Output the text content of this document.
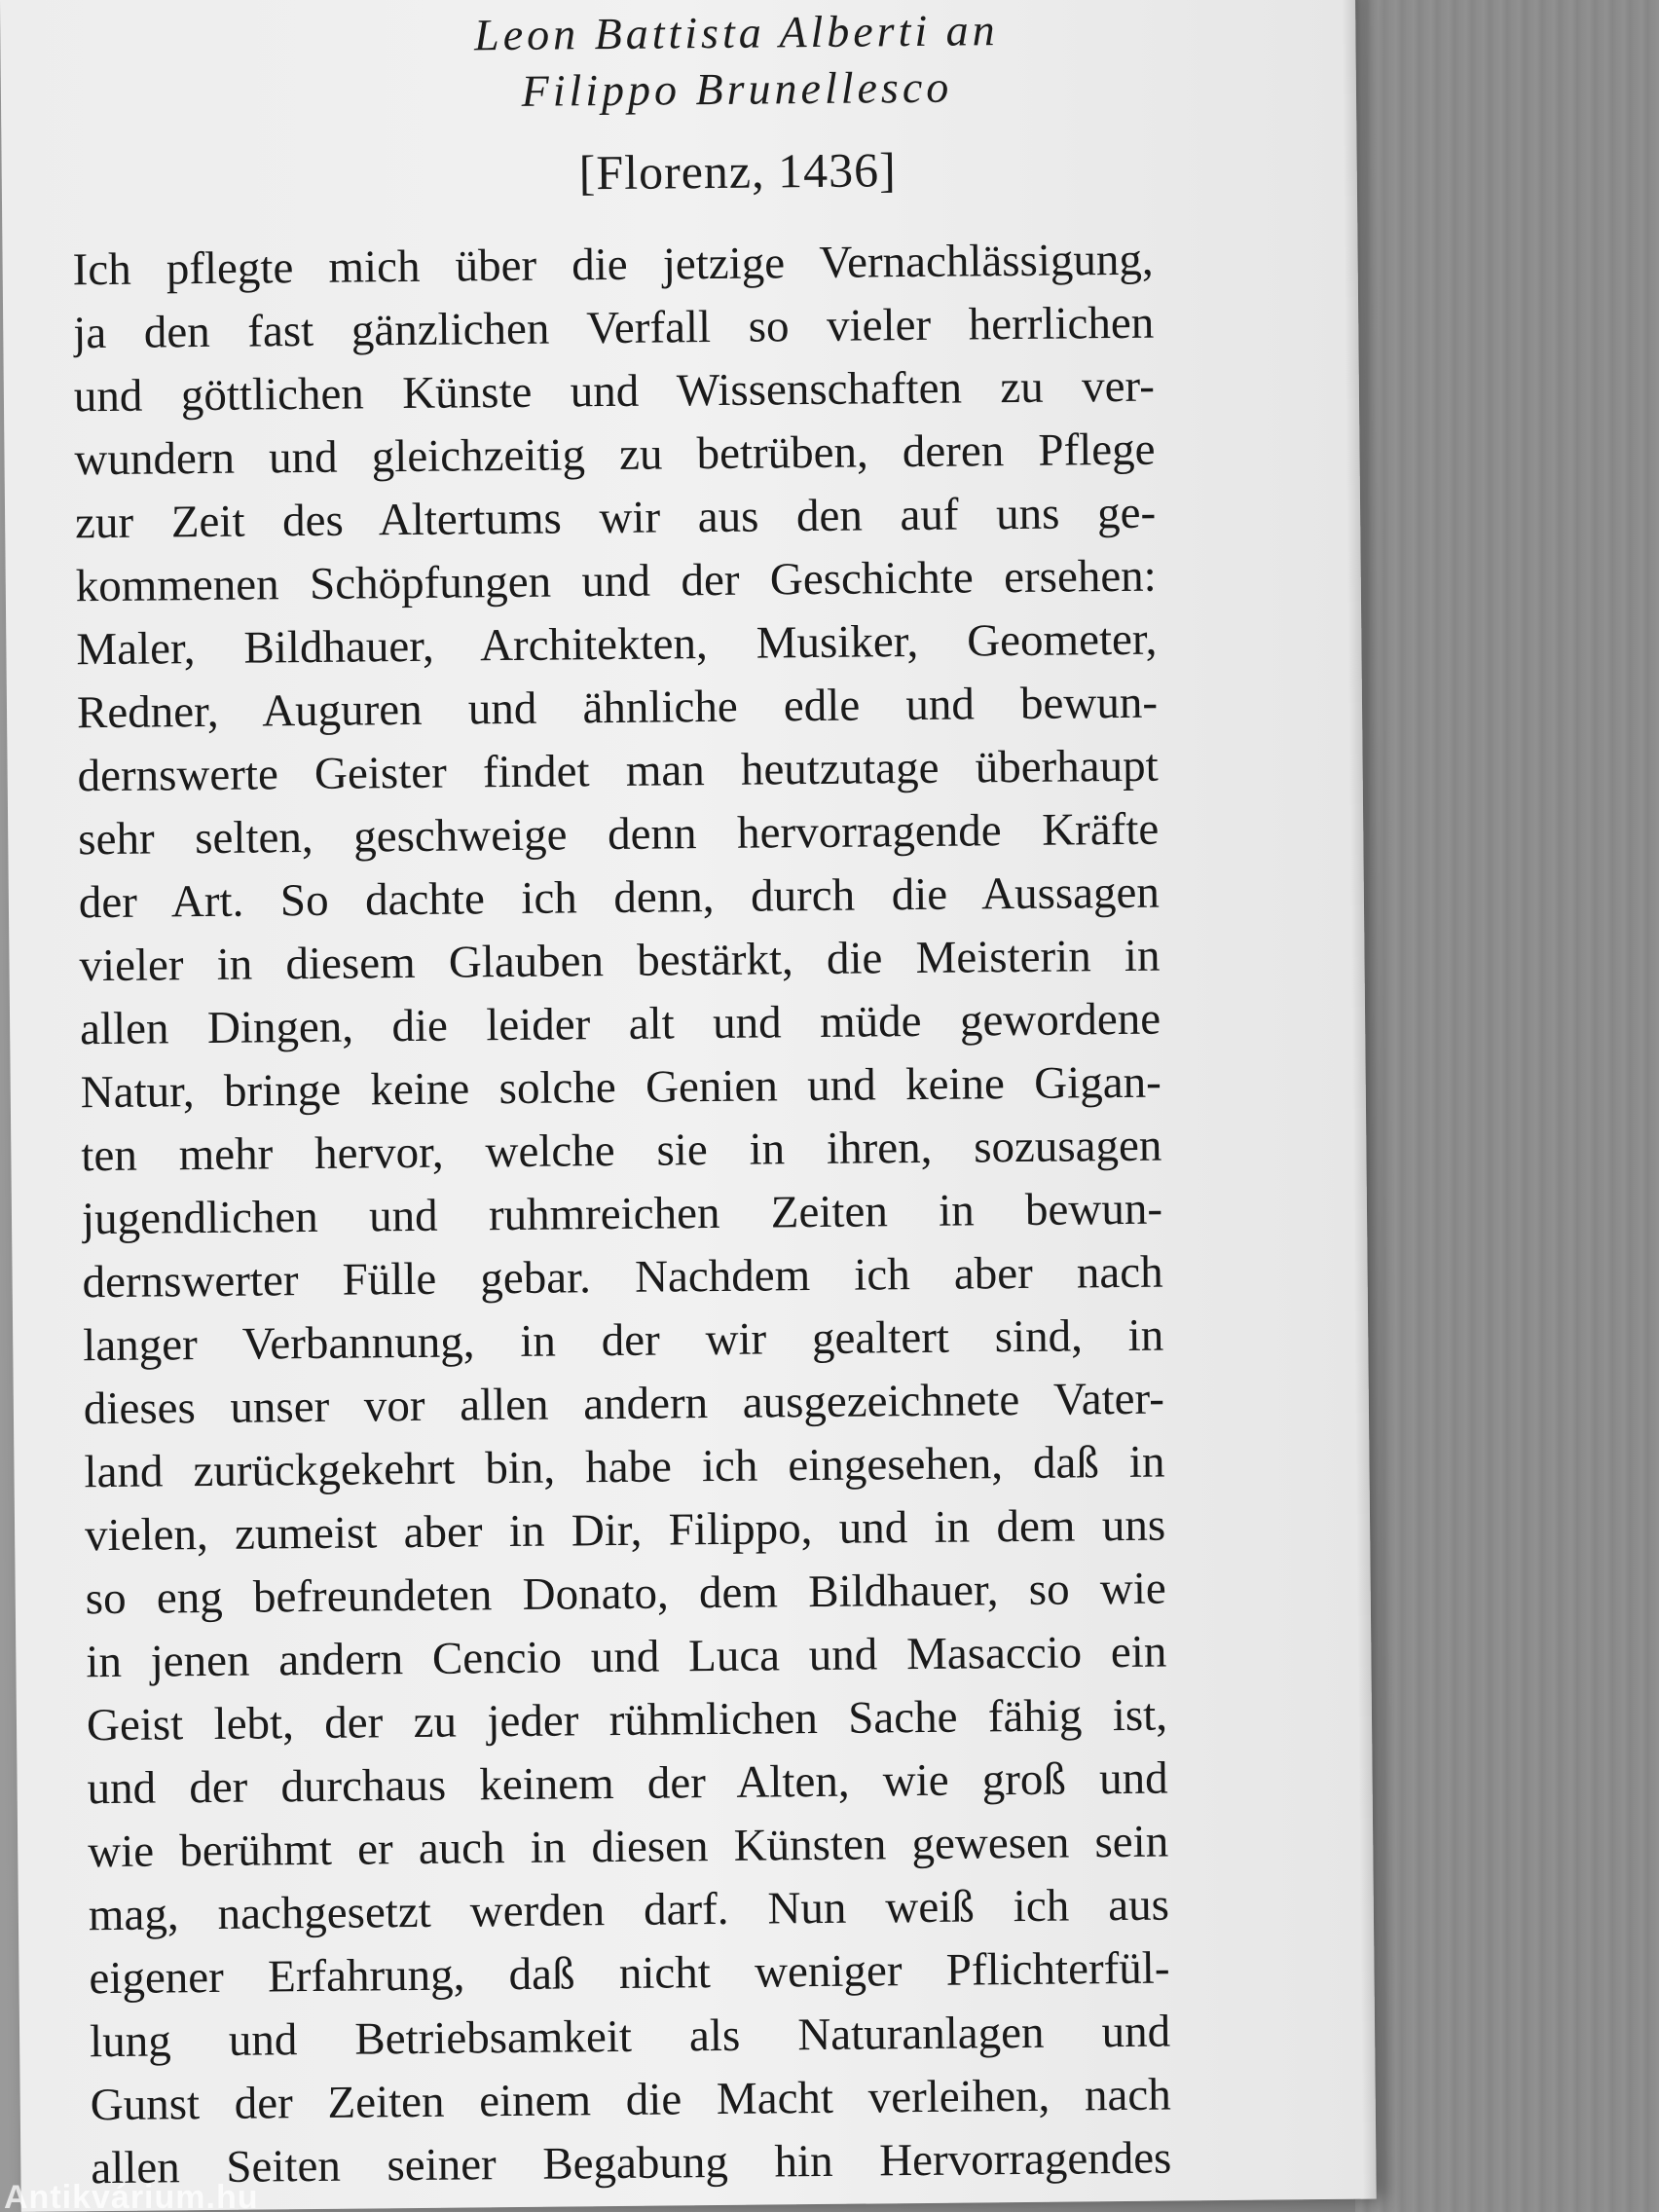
Leon Battista Alberti an
Filippo Brunellesco
[Florenz, 1436]
Ich pflegte mich über die jetzige Vernachlässigung,
ja den fast gänzlichen Verfall so vieler herrlichen
und göttlichen Künste und Wissenschaften zu ver-
wundern und gleichzeitig zu betrüben, deren Pflege
zur Zeit des Altertums wir aus den auf uns ge-
kommenen Schöpfungen und der Geschichte ersehen:
Maler, Bildhauer, Architekten, Musiker, Geometer,
Redner, Auguren und ähnliche edle und bewun-
dernswerte Geister findet man heutzutage überhaupt
sehr selten, geschweige denn hervorragende Kräfte
der Art. So dachte ich denn, durch die Aussagen
vieler in diesem Glauben bestärkt, die Meisterin in
allen Dingen, die leider alt und müde gewordene
Natur, bringe keine solche Genien und keine Gigan-
ten mehr hervor, welche sie in ihren, sozusagen
jugendlichen und ruhmreichen Zeiten in bewun-
dernswerter Fülle gebar. Nachdem ich aber nach
langer Verbannung, in der wir gealtert sind, in
dieses unser vor allen andern ausgezeichnete Vater-
land zurückgekehrt bin, habe ich eingesehen, daß in
vielen, zumeist aber in Dir, Filippo, und in dem uns
so eng befreundeten Donato, dem Bildhauer, so wie
in jenen andern Cencio und Luca und Masaccio ein
Geist lebt, der zu jeder rühmlichen Sache fähig ist,
und der durchaus keinem der Alten, wie groß und
wie berühmt er auch in diesen Künsten gewesen sein
mag, nachgesetzt werden darf. Nun weiß ich aus
eigener Erfahrung, daß nicht weniger Pflichterfül-
lung und Betriebsamkeit als Naturanlagen und
Gunst der Zeiten einem die Macht verleihen, nach
allen Seiten seiner Begabung hin Hervorragendes
Antikvárium.hu
